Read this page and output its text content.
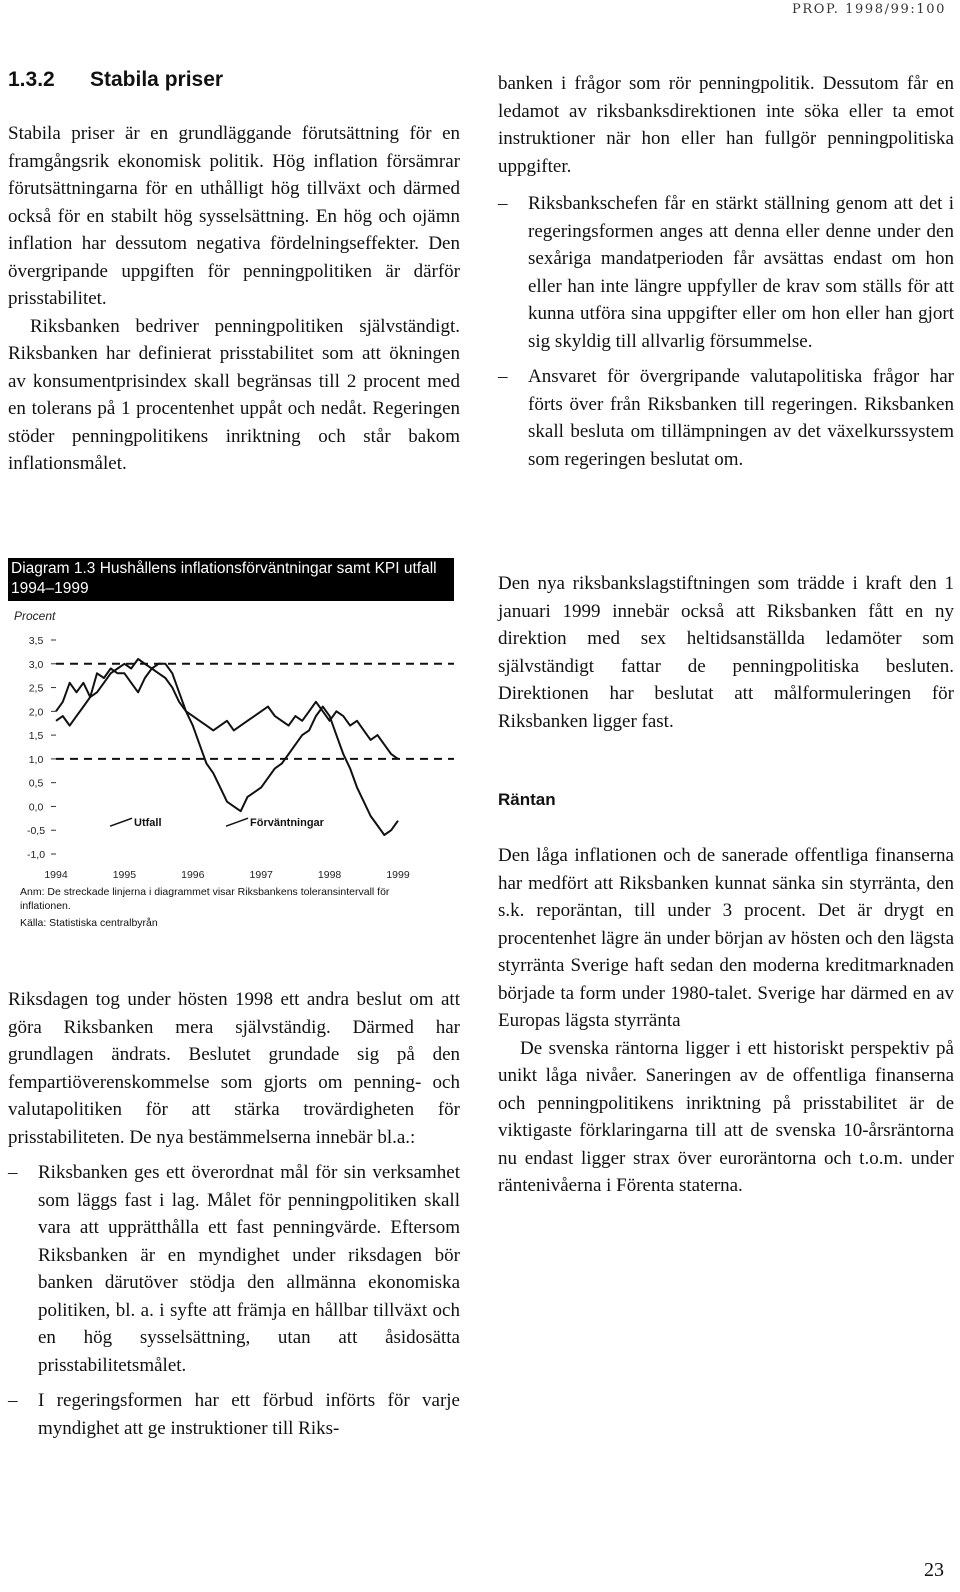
PROP. 1998/99:100
1.3.2 Stabila priser

Stabila priser är en grundläggande förutsättning för en framgångsrik ekonomisk politik. Hög inflation försämrar förutsättningarna för en uthålligt hög tillväxt och därmed också för en stabilt hög sysselsättning. En hög och ojämn inflation har dessutom negativa fördelningseffekter. Den övergripande uppgiften för penningpolitiken är därför prisstabilitet.

Riksbanken bedriver penningpolitiken självständigt. Riksbanken har definierat prisstabilitet som att ökningen av konsumentprisindex skall begränsas till 2 procent med en tolerans på 1 procentenhet uppåt och nedåt. Regeringen stöder penningpolitikens inriktning och står bakom inflationsmålet.

Diagram 1.3 Hushållens inflationsförväntningar samt KPI utfall 1994–1999
Procent
3,5
3,0
2,5
2,0
1,5
1,0
0,5
0,0
-0,5
-1,0
1994	1995	1996	1997	1998	1999
Utfall	Förväntningar
Anm: De streckade linjerna i diagrammet visar Riksbankens toleransintervall för inflationen.
Källa: Statistiska centralbyrån

Riksdagen tog under hösten 1998 ett andra beslut om att göra Riksbanken mera självständig. Därmed har grundlagen ändrats. Beslutet grundade sig på den fempartiöverenskommelse som gjorts om penning- och valutapolitiken för att stärka trovärdigheten för prisstabiliteten. De nya bestämmelserna innebär bl.a.:

– Riksbanken ges ett överordnat mål för sin verksamhet som läggs fast i lag. Målet för penningpolitiken skall vara att upprätthålla ett fast penningvärde. Eftersom Riksbanken är en myndighet under riksdagen bör banken därutöver stödja den allmänna ekonomiska politiken, bl. a. i syfte att främja en hållbar tillväxt och en hög sysselsättning, utan att åsidosätta prisstabilitetsmålet.
– I regeringsformen har ett förbud införts för varje myndighet att ge instruktioner till Riks-

banken i frågor som rör penningpolitik. Dessutom får en ledamot av riksbanksdirektionen inte söka eller ta emot instruktioner när hon eller han fullgör penningpolitiska uppgifter.

– Riksbankschefen får en stärkt ställning genom att det i regeringsformen anges att denna eller denne under den sexåriga mandatperioden får avsättas endast om hon eller han inte längre uppfyller de krav som ställs för att kunna utföra sina uppgifter eller om hon eller han gjort sig skyldig till allvarlig försummelse.
– Ansvaret för övergripande valutapolitiska frågor har förts över från Riksbanken till regeringen. Riksbanken skall besluta om tillämpningen av det växelkurssystem som regeringen beslutat om.

Den nya riksbankslagstiftningen som trädde i kraft den 1 januari 1999 innebär också att Riksbanken fått en ny direktion med sex heltidsanställda ledamöter som självständigt fattar de penningpolitiska besluten. Direktionen har beslutat att målformuleringen för Riksbanken ligger fast.

Räntan

Den låga inflationen och de sanerade offentliga finanserna har medfört att Riksbanken kunnat sänka sin styrränta, den s.k. reporäntan, till under 3 procent. Det är drygt en procentenhet lägre än under början av hösten och den lägsta styrränta Sverige haft sedan den moderna kreditmarknaden började ta form under 1980-talet. Sverige har därmed en av Europas lägsta styrränta

De svenska räntorna ligger i ett historiskt perspektiv på unikt låga nivåer. Saneringen av de offentliga finanserna och penningpolitikens inriktning på prisstabilitet är de viktigaste förklaringarna till att de svenska 10-årsräntorna nu endast ligger strax över euroräntorna och t.o.m. under räntenivåerna i Förenta staterna.

23
